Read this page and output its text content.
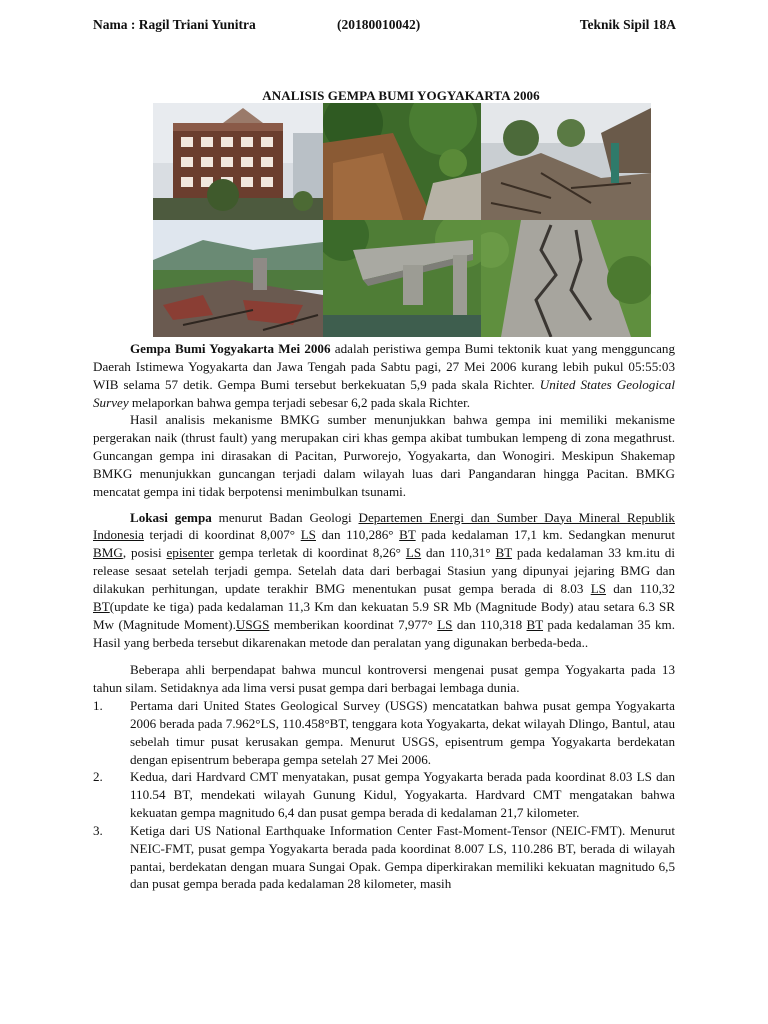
Nama : Ragil Triani Yunitra	(20180010042)	Teknik Sipil 18A
ANALISIS GEMPA BUMI YOGYAKARTA 2006

Gempa Bumi Yogyakarta Mei 2006 adalah peristiwa gempa Bumi tektonik kuat yang mengguncang Daerah Istimewa Yogyakarta dan Jawa Tengah pada Sabtu pagi, 27 Mei 2006 kurang lebih pukul 05:55:03 WIB selama 57 detik. Gempa Bumi tersebut berkekuatan 5,9 pada skala Richter. United States Geological Survey melaporkan bahwa gempa terjadi sebesar 6,2 pada skala Richter.

Hasil analisis mekanisme BMKG sumber menunjukkan bahwa gempa ini memiliki mekanisme pergerakan naik (thrust fault) yang merupakan ciri khas gempa akibat tumbukan lempeng di zona megathrust. Guncangan gempa ini dirasakan di Pacitan, Purworejo, Yogyakarta, dan Wonogiri. Meskipun Shakemap BMKG menunjukkan guncangan terjadi dalam wilayah luas dari Pangandaran hingga Pacitan. BMKG mencatat gempa ini tidak berpotensi menimbulkan tsunami.

Lokasi gempa menurut Badan Geologi Departemen Energi dan Sumber Daya Mineral Republik Indonesia terjadi di koordinat 8,007° LS dan 110,286° BT pada kedalaman 17,1 km. Sedangkan menurut BMG, posisi episenter gempa terletak di koordinat 8,26° LS dan 110,31° BT pada kedalaman 33 km.itu di release sesaat setelah terjadi gempa. Setelah data dari berbagai Stasiun yang dipunyai jejaring BMG dan dilakukan perhitungan, update terakhir BMG menentukan pusat gempa berada di 8.03 LS dan 110,32 BT(update ke tiga) pada kedalaman 11,3 Km dan kekuatan 5.9 SR Mb (Magnitude Body) atau setara 6.3 SR Mw (Magnitude Moment).USGS memberikan koordinat 7,977° LS dan 110,318 BT pada kedalaman 35 km. Hasil yang berbeda tersebut dikarenakan metode dan peralatan yang digunakan berbeda-beda..

Beberapa ahli berpendapat bahwa muncul kontroversi mengenai pusat gempa Yogyakarta pada 13 tahun silam. Setidaknya ada lima versi pusat gempa dari berbagai lembaga dunia.

1. Pertama dari United States Geological Survey (USGS) mencatatkan bahwa pusat gempa Yogyakarta 2006 berada pada 7.962°LS, 110.458°BT, tenggara kota Yogyakarta, dekat wilayah Dlingo, Bantul, atau sebelah timur pusat kerusakan gempa. Menurut USGS, episentrum gempa Yogyakarta berdekatan dengan episentrum beberapa gempa setelah 27 Mei 2006.
2. Kedua, dari Hardvard CMT menyatakan, pusat gempa Yogyakarta berada pada koordinat 8.03 LS dan 110.54 BT, mendekati wilayah Gunung Kidul, Yogyakarta. Hardvard CMT mengatakan bahwa kekuatan gempa magnitudo 6,4 dan pusat gempa berada di kedalaman 21,7 kilometer.
3. Ketiga dari US National Earthquake Information Center Fast-Moment-Tensor (NEIC-FMT). Menurut NEIC-FMT, pusat gempa Yogyakarta berada pada koordinat 8.007 LS, 110.286 BT, berada di wilayah pantai, berdekatan dengan muara Sungai Opak. Gempa diperkirakan memiliki kekuatan magnitudo 6,5 dan pusat gempa berada pada kedalaman 28 kilometer, masih
